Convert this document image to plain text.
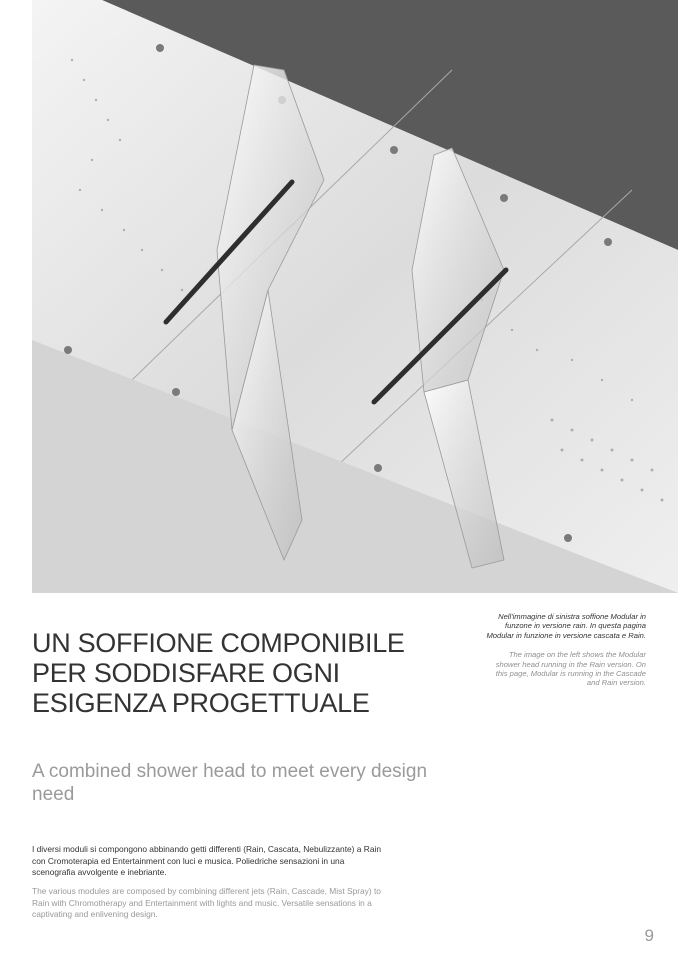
UN SOFFIONE COMPONIBILE PER SODDISFARE OGNI ESIGENZA PROGETTUALE

A combined shower head to meet every design need

Nell'immagine di sinistra soffione Modular in funzone in versione rain. In questa pagina Modular in funzione in versione cascata e Rain.

The image on the left shows the Modular shower head running in the Rain version. On this page, Modular is running in the Cascade and Rain version.

I diversi moduli si compongono abbinando getti differenti (Rain, Cascata, Nebulizzante) a Rain con Cromoterapia ed Entertainment con luci e musica. Poliedriche sensazioni in una scenografia avvolgente e inebriante.

The various modules are composed by combining different jets (Rain, Cascade, Mist Spray) to Rain with Chromotherapy and Entertainment with lights and music. Versatile sensations in a captivating and enlivening design.

9
